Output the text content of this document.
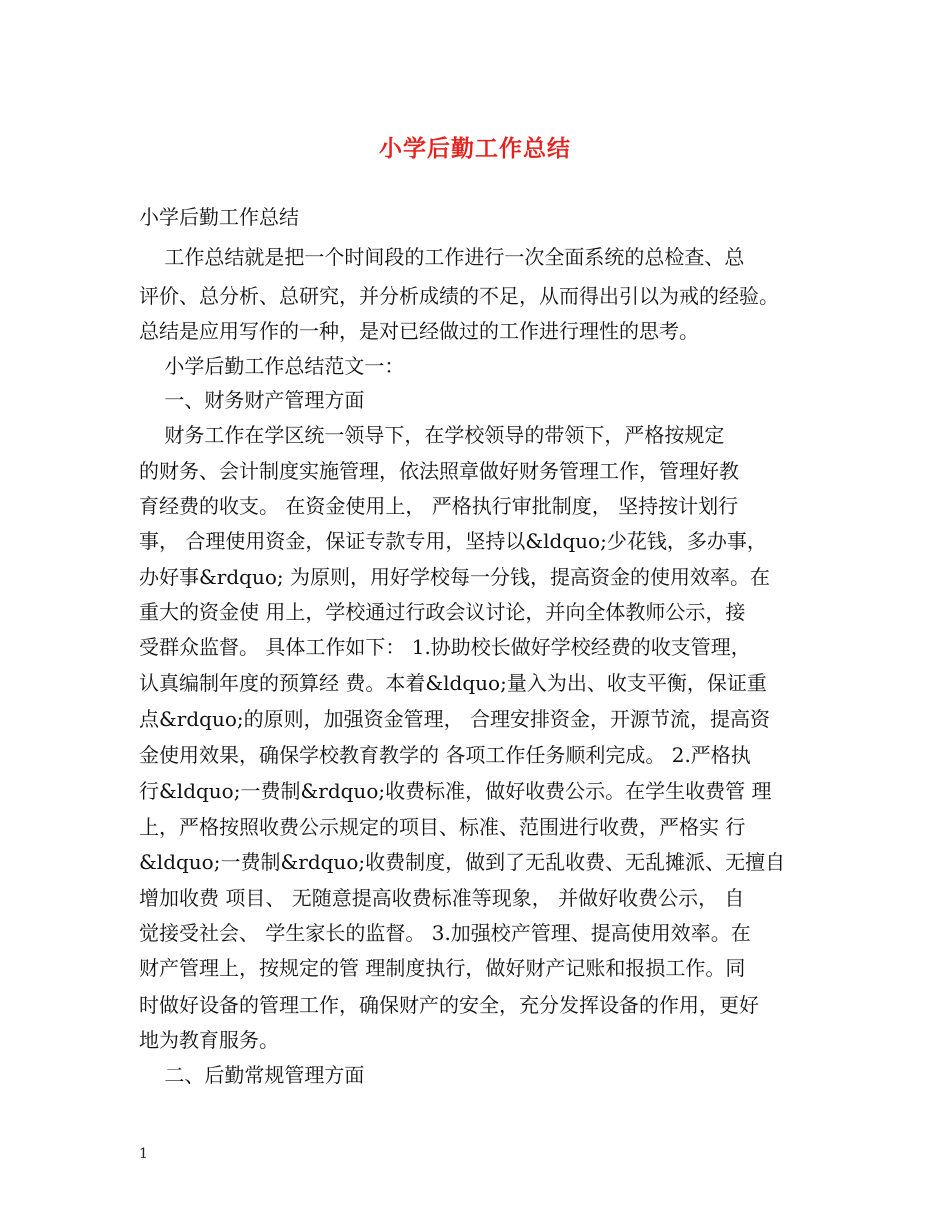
小学后勤工作总结
小学后勤工作总结
工作总结就是把一个时间段的工作进行一次全面系统的总检查、总
评价、总分析、总研究，并分析成绩的不足，从而得出引以为戒的经验。
总结是应用写作的一种，是对已经做过的工作进行理性的思考。
小学后勤工作总结范文一：
一、财务财产管理方面
财务工作在学区统一领导下，在学校领导的带领下，严格按规定
的财务、会计制度实施管理，依法照章做好财务管理工作，管理好教
育经费的收支。 在资金使用上， 严格执行审批制度， 坚持按计划行
事， 合理使用资金，保证专款专用，坚持以&ldquo;少花钱，多办事，
办好事&rdquo; 为原则，用好学校每一分钱，提高资金的使用效率。在
重大的资金使 用上，学校通过行政会议讨论，并向全体教师公示，接
受群众监督。 具体工作如下： 1.协助校长做好学校经费的收支管理，
认真编制年度的预算经 费。本着&ldquo;量入为出、收支平衡，保证重
点&rdquo;的原则，加强资金管理， 合理安排资金，开源节流，提高资
金使用效果，确保学校教育教学的 各项工作任务顺利完成。 2.严格执
行&ldquo;一费制&rdquo;收费标准，做好收费公示。在学生收费管 理
上，严格按照收费公示规定的项目、标准、范围进行收费，严格实 行
&ldquo;一费制&rdquo;收费制度，做到了无乱收费、无乱摊派、无擅自
增加收费 项目、 无随意提高收费标准等现象， 并做好收费公示， 自
觉接受社会、 学生家长的监督。 3.加强校产管理、提高使用效率。在
财产管理上，按规定的管 理制度执行，做好财产记账和报损工作。同
时做好设备的管理工作，确保财产的安全，充分发挥设备的作用，更好
地为教育服务。
二、后勤常规管理方面
1
